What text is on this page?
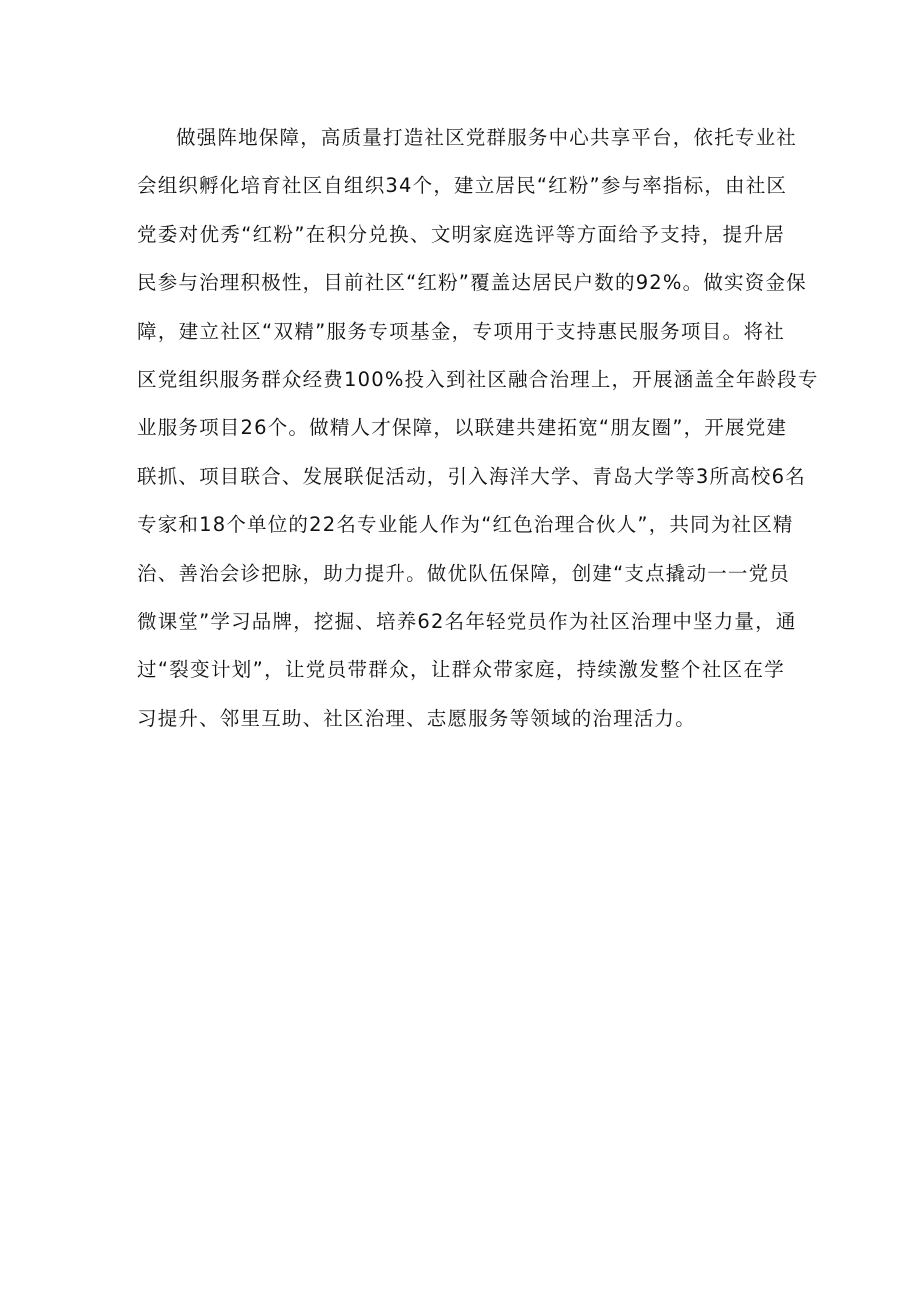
做强阵地保障，高质量打造社区党群服务中心共享平台，依托专业社
会组织孵化培育社区自组织34个，建立居民“红粉”参与率指标，由社区
党委对优秀“红粉”在积分兑换、文明家庭选评等方面给予支持，提升居
民参与治理积极性，目前社区“红粉”覆盖达居民户数的92%。做实资金保
障，建立社区“双精”服务专项基金，专项用于支持惠民服务项目。将社
区党组织服务群众经费100%投入到社区融合治理上，开展涵盖全年龄段专
业服务项目26个。做精人才保障，以联建共建拓宽“朋友圈”，开展党建
联抓、项目联合、发展联促活动，引入海洋大学、青岛大学等3所高校6名
专家和18个单位的22名专业能人作为“红色治理合伙人”，共同为社区精
治、善治会诊把脉，助力提升。做优队伍保障，创建“支点撬动一一党员
微课堂”学习品牌，挖掘、培养62名年轻党员作为社区治理中坚力量，通
过“裂变计划”，让党员带群众，让群众带家庭，持续激发整个社区在学
习提升、邻里互助、社区治理、志愿服务等领域的治理活力。
